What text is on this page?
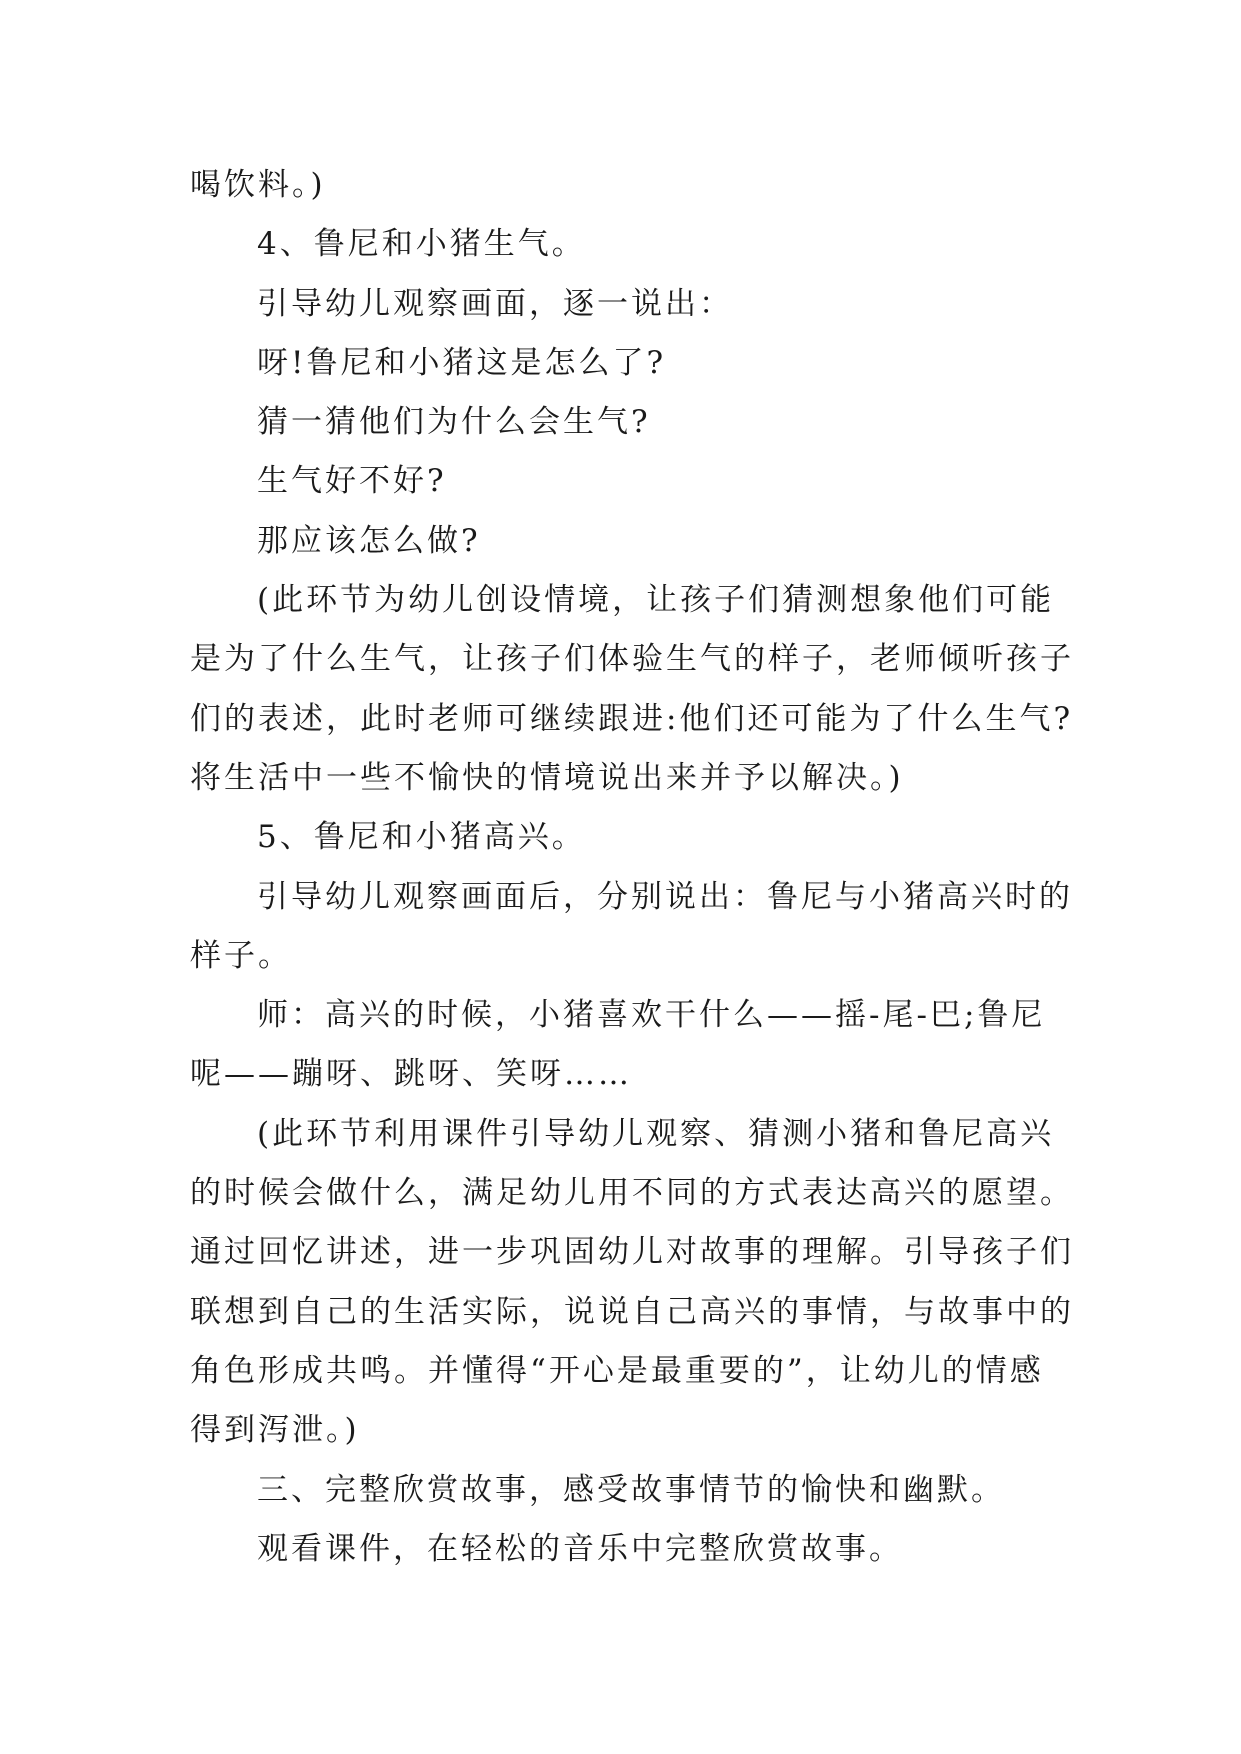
喝饮料。)
4、鲁尼和小猪生气。
引导幼儿观察画面，逐一说出：
呀!鲁尼和小猪这是怎么了?
猜一猜他们为什么会生气?
生气好不好?
那应该怎么做?
(此环节为幼儿创设情境，让孩子们猜测想象他们可能
是为了什么生气，让孩子们体验生气的样子，老师倾听孩子
们的表述，此时老师可继续跟进:他们还可能为了什么生气?
将生活中一些不愉快的情境说出来并予以解决。)
5、鲁尼和小猪高兴。
引导幼儿观察画面后，分别说出：鲁尼与小猪高兴时的
样子。
师：高兴的时候，小猪喜欢干什么——摇-尾-巴;鲁尼
呢——蹦呀、跳呀、笑呀……
(此环节利用课件引导幼儿观察、猜测小猪和鲁尼高兴
的时候会做什么，满足幼儿用不同的方式表达高兴的愿望。
通过回忆讲述，进一步巩固幼儿对故事的理解。引导孩子们
联想到自己的生活实际，说说自己高兴的事情，与故事中的
角色形成共鸣。并懂得“开心是最重要的”，让幼儿的情感
得到泻泄。)
三、完整欣赏故事，感受故事情节的愉快和幽默。
观看课件，在轻松的音乐中完整欣赏故事。
